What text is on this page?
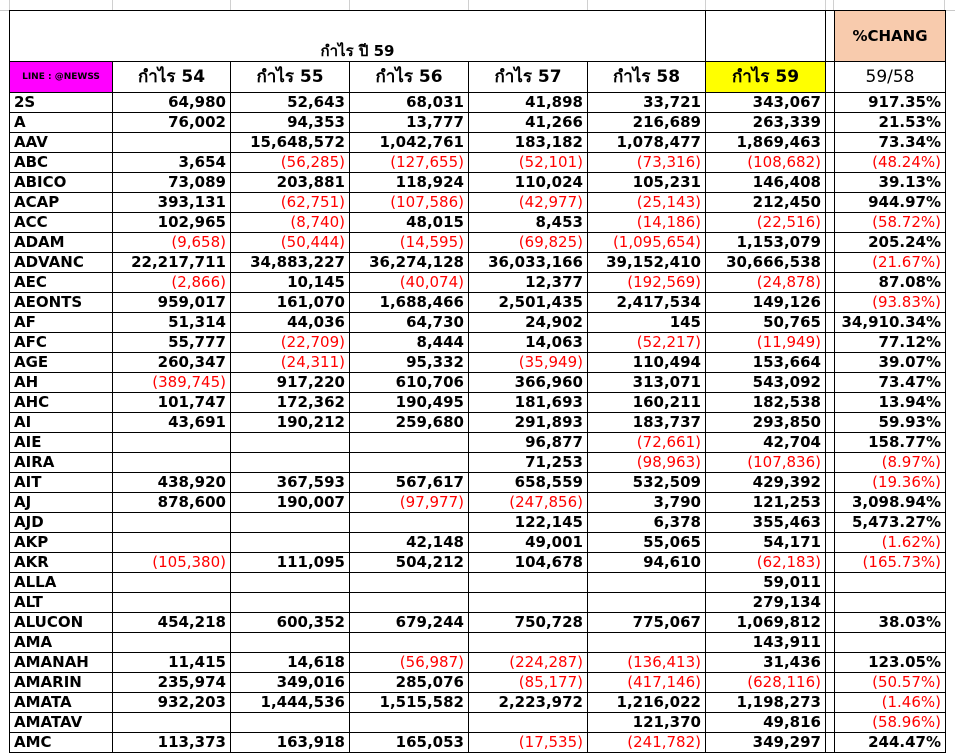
กำไร ปี 59								%CHANG
LINE : @NEWSS	กำไร 54	กำไร 55	กำไร 56	กำไร 57	กำไร 58	กำไร 59		59/58
2S	64,980	52,643	68,031	41,898	33,721	343,067		917.35%
A	76,002	94,353	13,777	41,266	216,689	263,339		21.53%
AAV		15,648,572	1,042,761	183,182	1,078,477	1,869,463		73.34%
ABC	3,654	(56,285)	(127,655)	(52,101)	(73,316)	(108,682)		(48.24%)
ABICO	73,089	203,881	118,924	110,024	105,231	146,408		39.13%
ACAP	393,131	(62,751)	(107,586)	(42,977)	(25,143)	212,450		944.97%
ACC	102,965	(8,740)	48,015	8,453	(14,186)	(22,516)		(58.72%)
ADAM	(9,658)	(50,444)	(14,595)	(69,825)	(1,095,654)	1,153,079		205.24%
ADVANC	22,217,711	34,883,227	36,274,128	36,033,166	39,152,410	30,666,538		(21.67%)
AEC	(2,866)	10,145	(40,074)	12,377	(192,569)	(24,878)		87.08%
AEONTS	959,017	161,070	1,688,466	2,501,435	2,417,534	149,126		(93.83%)
AF	51,314	44,036	64,730	24,902	145	50,765		34,910.34%
AFC	55,777	(22,709)	8,444	14,063	(52,217)	(11,949)		77.12%
AGE	260,347	(24,311)	95,332	(35,949)	110,494	153,664		39.07%
AH	(389,745)	917,220	610,706	366,960	313,071	543,092		73.47%
AHC	101,747	172,362	190,495	181,693	160,211	182,538		13.94%
AI	43,691	190,212	259,680	291,893	183,737	293,850		59.93%
AIE				96,877	(72,661)	42,704		158.77%
AIRA				71,253	(98,963)	(107,836)		(8.97%)
AIT	438,920	367,593	567,617	658,559	532,509	429,392		(19.36%)
AJ	878,600	190,007	(97,977)	(247,856)	3,790	121,253		3,098.94%
AJD				122,145	6,378	355,463		5,473.27%
AKP			42,148	49,001	55,065	54,171		(1.62%)
AKR	(105,380)	111,095	504,212	104,678	94,610	(62,183)		(165.73%)
ALLA						59,011		
ALT						279,134		
ALUCON	454,218	600,352	679,244	750,728	775,067	1,069,812		38.03%
AMA						143,911		
AMANAH	11,415	14,618	(56,987)	(224,287)	(136,413)	31,436		123.05%
AMARIN	235,974	349,016	285,076	(85,177)	(417,146)	(628,116)		(50.57%)
AMATA	932,203	1,444,536	1,515,582	2,223,972	1,216,022	1,198,273		(1.46%)
AMATAV					121,370	49,816		(58.96%)
AMC	113,373	163,918	165,053	(17,535)	(241,782)	349,297		244.47%
